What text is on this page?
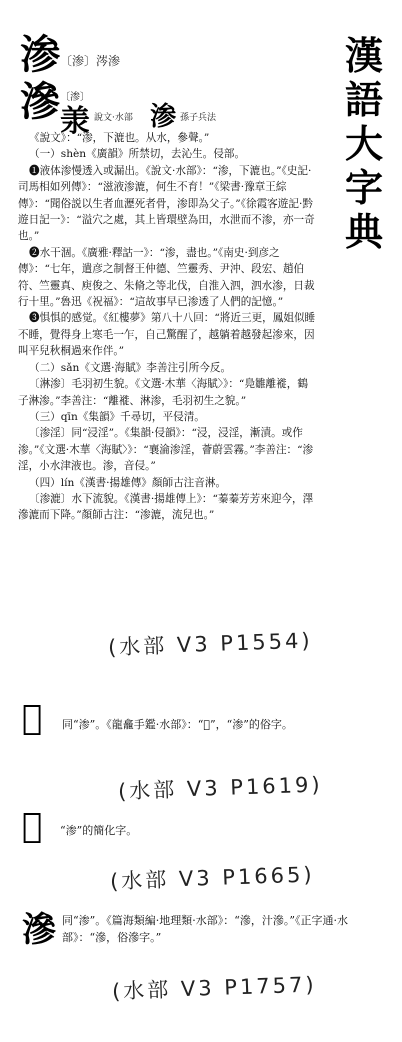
漢語大字典
渗 〔渗〕涔渗
滲 〔渗〕
𣴎 說文·水部 渗 孫子兵法

《說文》：“渗，下漉也。从水，參聲。”

（一）shèn《廣韻》所禁切，去沁生。侵部。

❶液体渗慢透入或漏出。《說文·水部》：“渗，下漉也。”《史記·司馬相如列傳》：“滋液渗漉，何生不育！”《梁書·豫章王綜傳》：“聞俗説以生者血瀝死者骨，渗即為父子。”《徐霞客遊記·黔遊日記一》：“溢穴之處，其上皆環壁為田，水泄而不渗，亦一奇也。”

❷水干涸。《廣雅·釋詁一》：“渗，盡也。”《南史·到彦之傳》：“七年，遣彦之制督王仲德、竺靈秀、尹沖、段宏、趙伯符、竺靈真、庾俊之、朱脩之等北伐，自淮入泗，泗水渗，日裁行十里。”魯迅《祝福》：“這故事早已渗透了人們的記憶。”

❸惧惧的感觉。《紅樓夢》第八十八回：“將近三更，鳳姐似睡不睡，覺得身上寒毛一乍，自己驚醒了，越躺着越發起渗來，因叫平兒秋桐過來作伴。”

（二）sǎn《文選·海賦》李善注引所今反。

〔淋渗〕毛羽初生貌。《文選·木華〈海賦〉》：“鳧雛離褷，鶴子淋渗。”李善注：“離褷、淋渗，毛羽初生之貌。”

（三）qīn《集韻》千尋切，平侵清。

〔渗淫〕同“浸淫”。《集韻·侵韻》：“浸，浸淫，漸漬。或作渗。”《文選·木華〈海賦〉》：“襄淪渗淫，薈蔚雲霧。”李善注：“渗淫，小水津液也。渗，音侵。”

（四）lín《漢書·揚雄傳》顏師古注音淋。

〔渗漉〕水下流貌。《漢書·揚雄傳上》：“蓁蓁芳芳來迎今，澤滲漉而下降。”顏師古注：“渗漉，流兒也。”

(水部 V3 P1554)
𣹛 同“渗”。《龍龕手鑑·水部》：“𣹛”，“渗”的俗字。
(水部 V3 P1619)
𣾐 “渗”的簡化字。
(水部 V3 P1665)
滲 同“渗”。《篇海類編·地理類·水部》：“滲，汁滲。”《正字通·水部》：“滲，俗滲字。”
(水部 V3 P1757)
